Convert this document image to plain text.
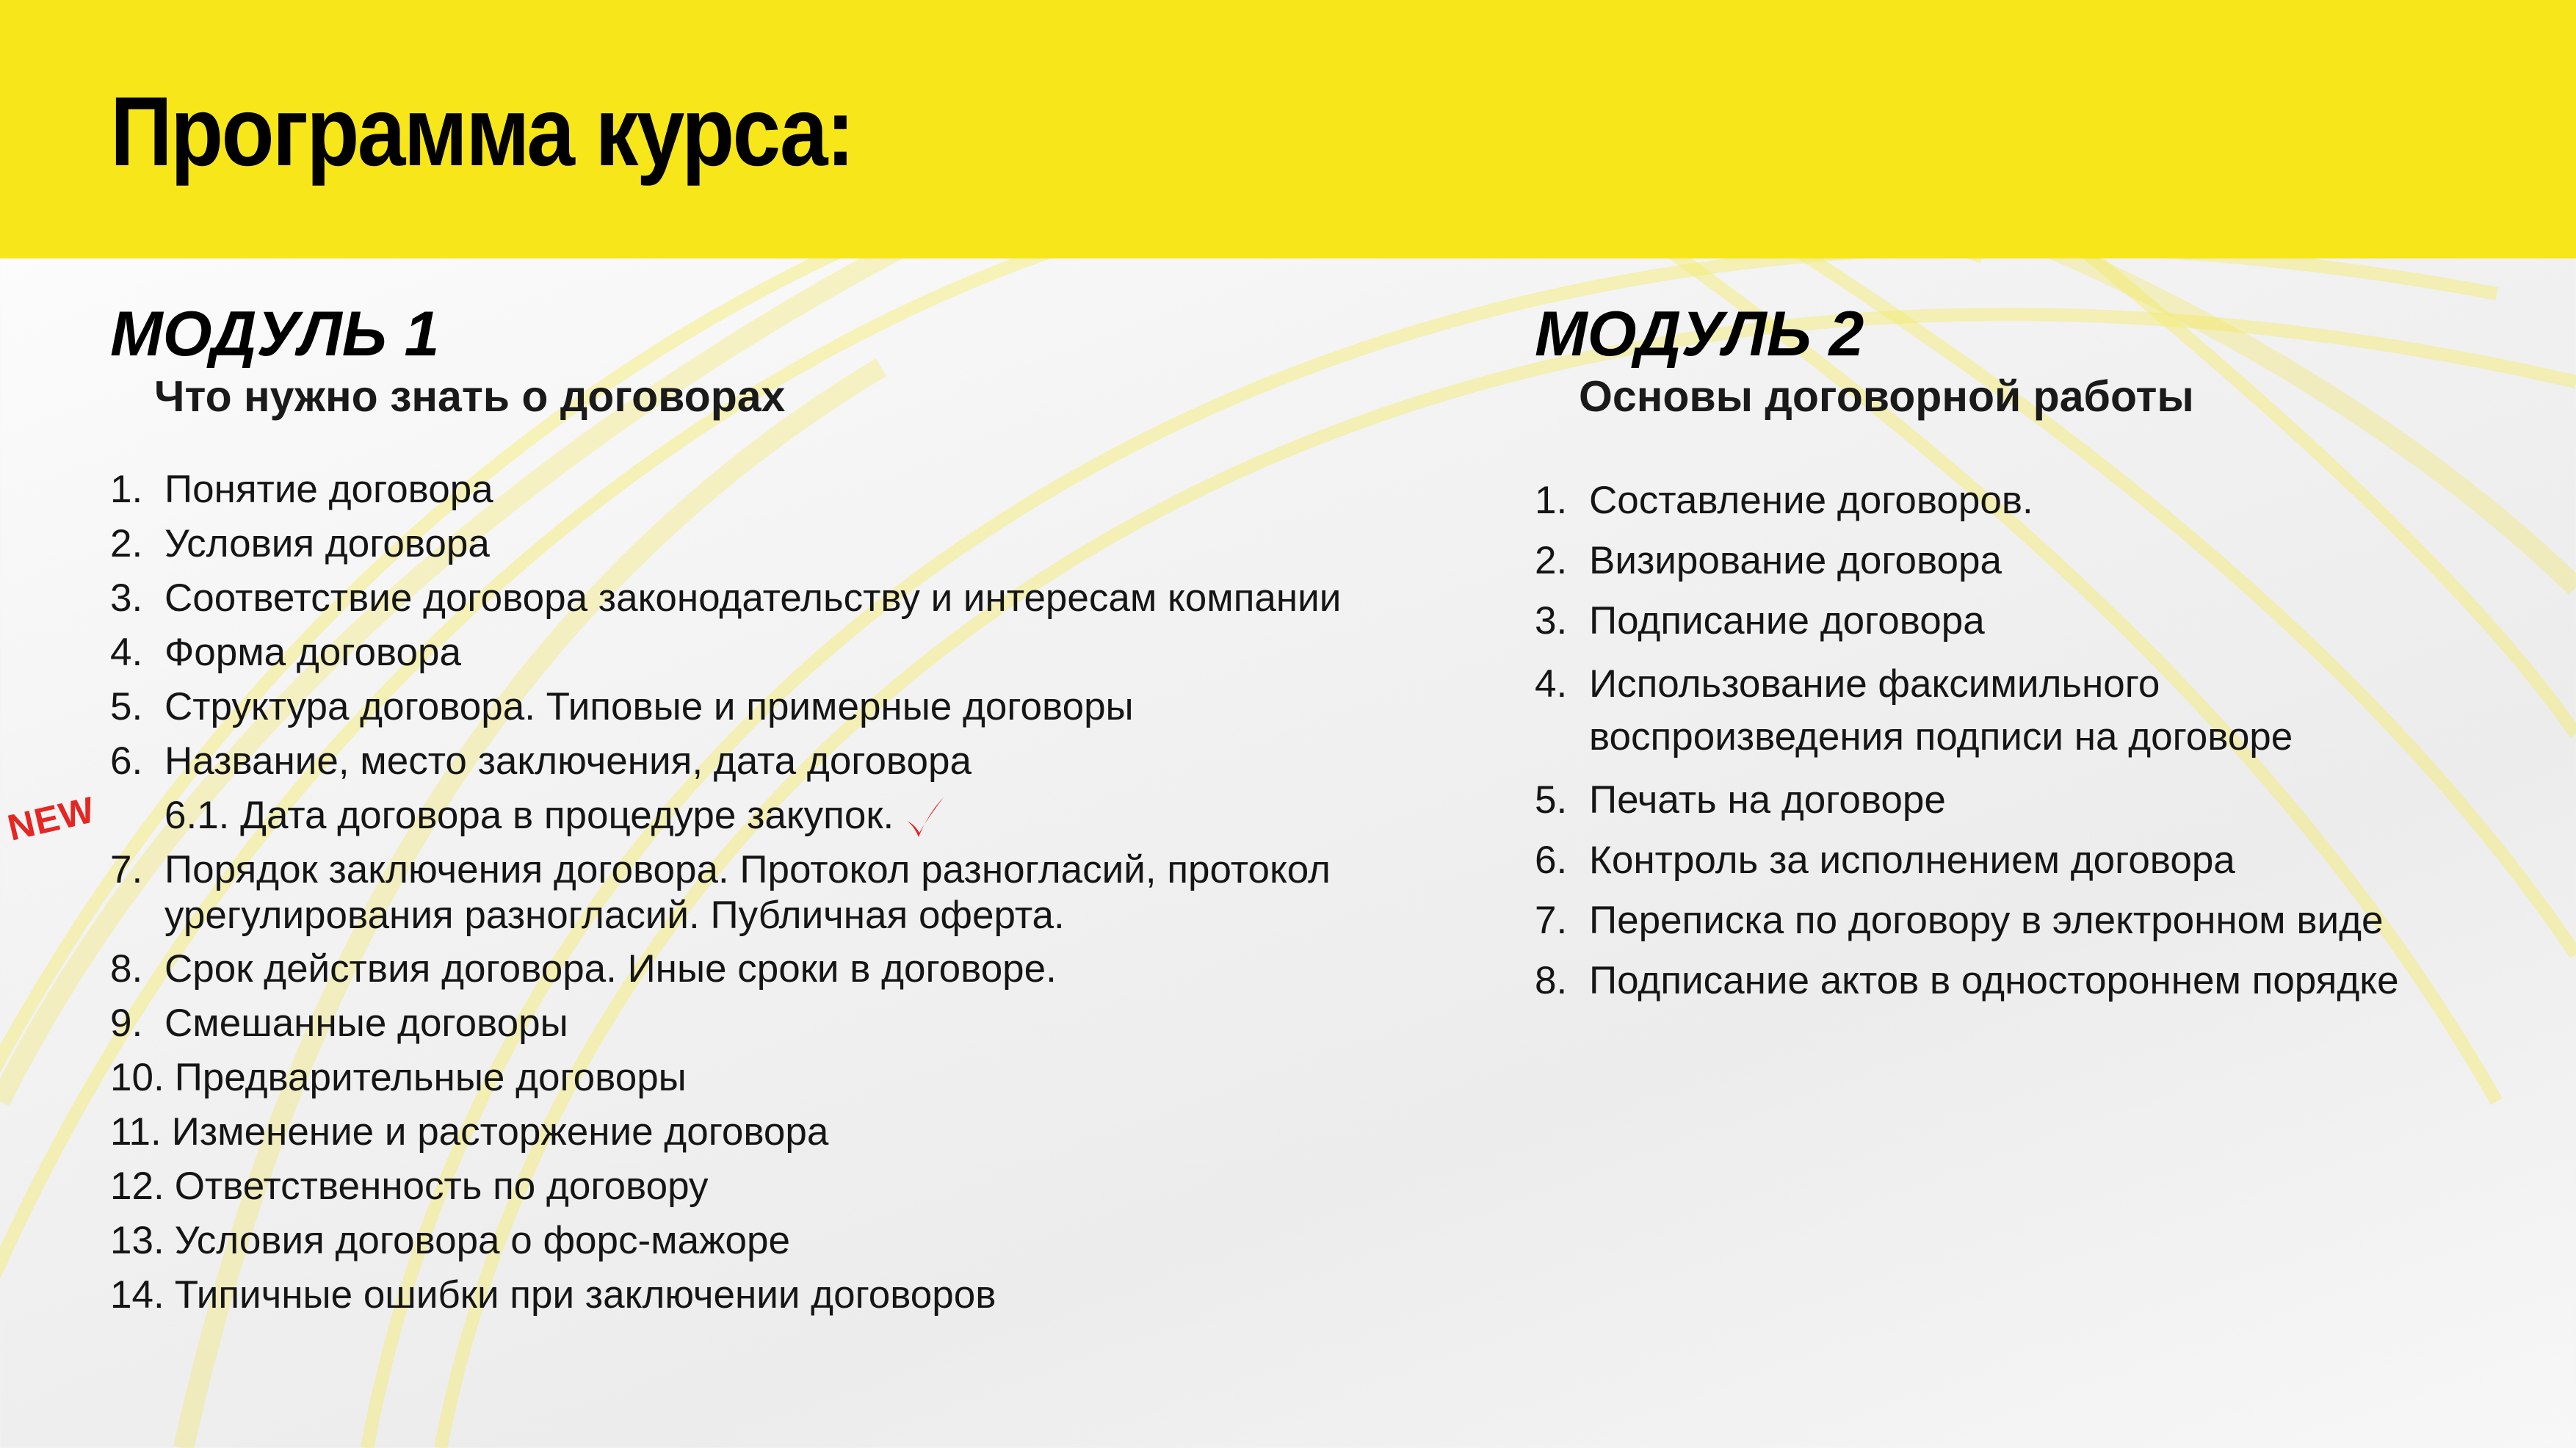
Программа курса:
МОДУЛЬ 1
Что нужно знать о договорах
1. Понятие договора
2. Условия договора
3. Соответствие договора законодательству и интересам компании
4. Форма договора
5. Структура договора. Типовые и примерные договоры
6. Название, место заключения, дата договора
NEW 6.1. Дата договора в процедуре закупок.
7. Порядок заключения договора. Протокол разногласий, протокол
урегулирования разногласий. Публичная оферта.
8. Срок действия договора. Иные сроки в договоре.
9. Смешанные договоры
10. Предварительные договоры
11. Изменение и расторжение договора
12. Ответственность по договору
13. Условия договора о форс-мажоре
14. Типичные ошибки при заключении договоров
МОДУЛЬ 2
Основы договорной работы
1. Составление договоров.
2. Визирование договора
3. Подписание договора
4. Использование факсимильного
воспроизведения подписи на договоре
5. Печать на договоре
6. Контроль за исполнением договора
7. Переписка по договору в электронном виде
8. Подписание актов в одностороннем порядке
